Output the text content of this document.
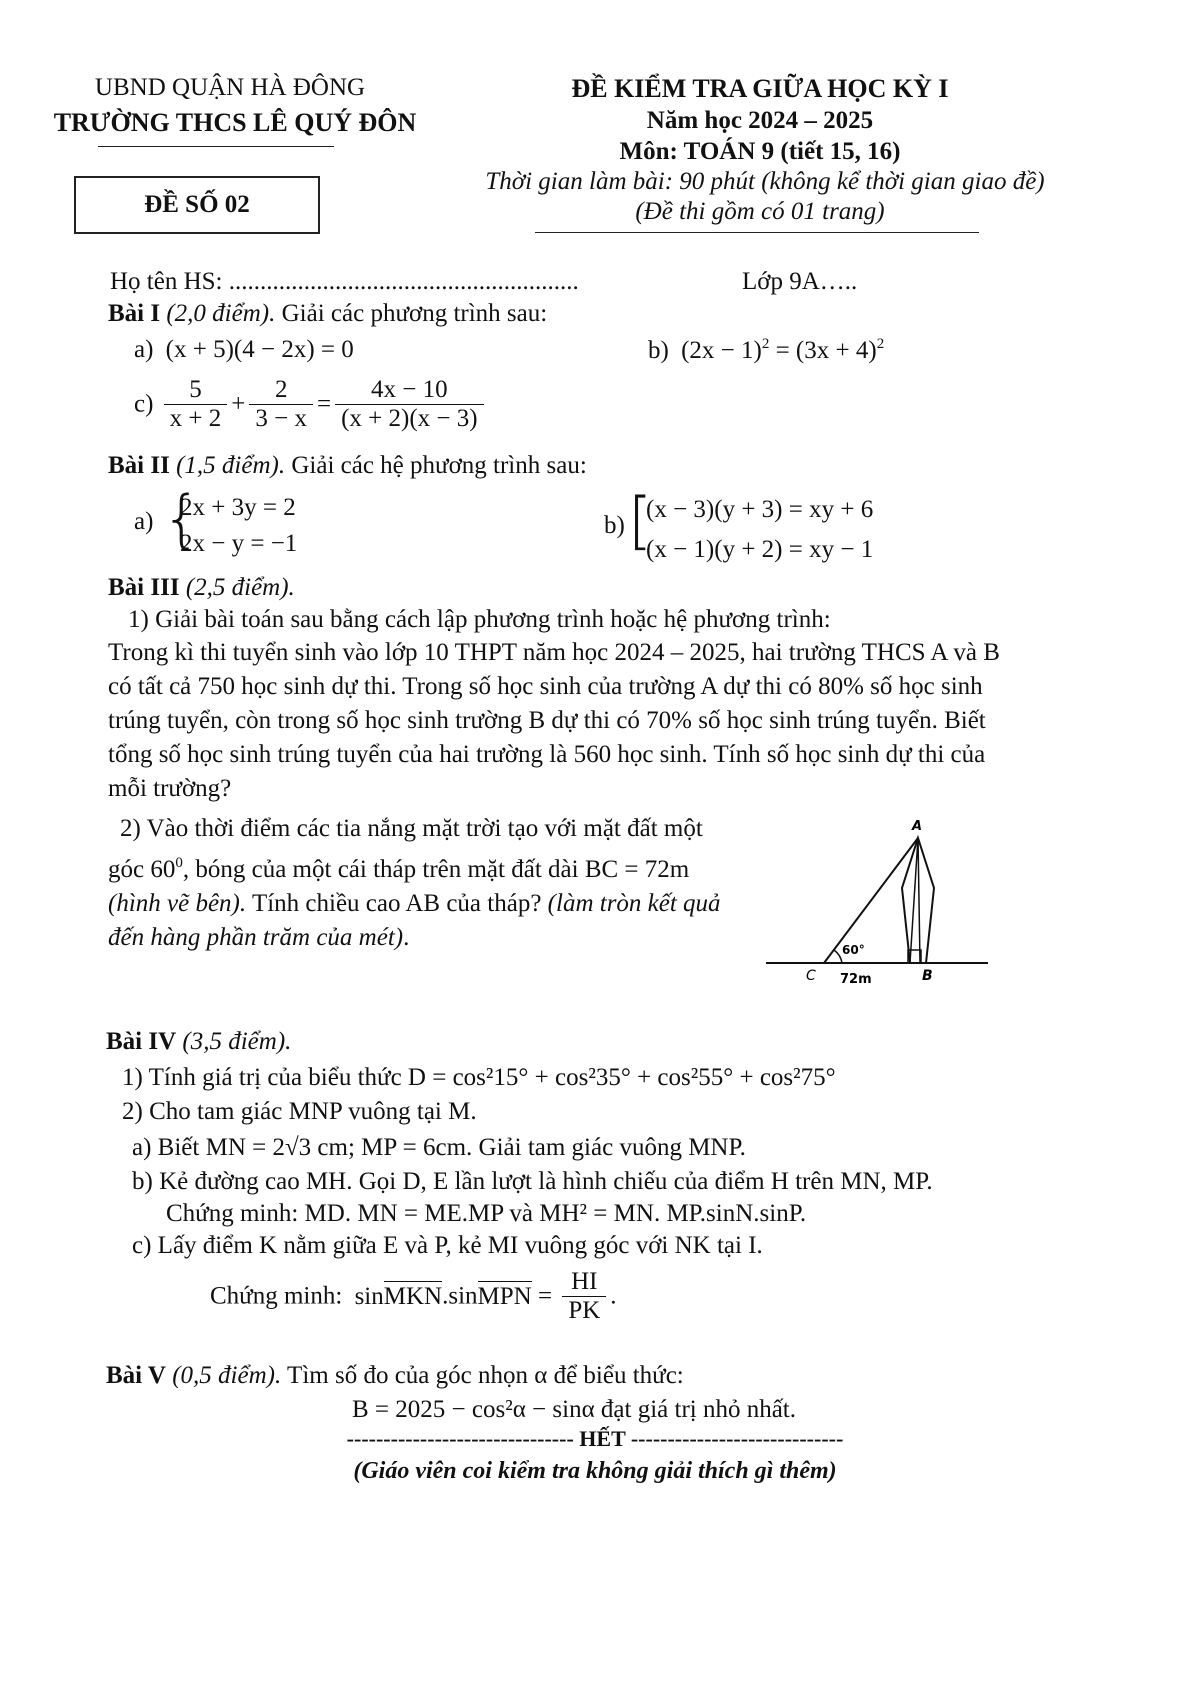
UBND QUẬN HÀ ĐÔNG
TRƯỜNG THCS LÊ QUÝ ĐÔN
ĐỀ SỐ 02
ĐỀ KIỂM TRA GIỮA HỌC KỲ I
Năm học 2024 – 2025
Môn: TOÁN 9 (tiết 15, 16)
Thời gian làm bài: 90 phút (không kể thời gian giao đề)
(Đề thi gồm có 01 trang)
Họ tên HS: ........................................................	Lớp 9A…..
Bài I (2,0 điểm). Giải các phương trình sau:
a) (x + 5)(4 − 2x) = 0	b) $(2x - 1)^2 = (3x + 4)^2$
$c) \frac{5}{x + 2} + \frac{2}{3 - x} = \frac{4x - 10}{(x + 2)(x - 3)}$
Bài II (1,5 điểm). Giải các hệ phương trình sau:
a) {
2x + 3y = 2
2x − y = −1
b) [
(x − 3)(y + 3) = xy + 6
(x − 1)(y + 2) = xy − 1
Bài III (2,5 điểm).
1) Giải bài toán sau bằng cách lập phương trình hoặc hệ phương trình:
Trong kì thi tuyển sinh vào lớp 10 THPT năm học 2024 – 2025, hai trường THCS A và B có tất cả 750 học sinh dự thi. Trong số học sinh của trường A dự thi có 80% số học sinh trúng tuyển, còn trong số học sinh trường B dự thi có 70% số học sinh trúng tuyển. Biết tổng số học sinh trúng tuyển của hai trường là 560 học sinh. Tính số học sinh dự thi của mỗi trường?
2) Vào thời điểm các tia nắng mặt trời tạo với mặt đất một góc $60^0$, bóng của một cái tháp trên mặt đất dài BC = 72m (hình vẽ bên). Tính chiều cao AB của tháp? (làm tròn kết quả đến hàng phần trăm của mét).
A
C	B
60°
72m
Bài IV (3,5 điểm).
1) Tính giá trị của biểu thức D = cos²15° + cos²35° + cos²55° + cos²75°
2) Cho tam giác MNP vuông tại M.
a) Biết MN = 2√3 cm; MP = 6cm. Giải tam giác vuông MNP.
b) Kẻ đường cao MH. Gọi D, E lần lượt là hình chiếu của điểm H trên MN, MP.
Chứng minh: MD. MN = ME.MP và MH² = MN. MP.sinN.sinP.
c) Lấy điểm K nằm giữa E và P, kẻ MI vuông góc với NK tại I.
Chứng minh: sinMKN.sinMPN = $\frac{HI}{PK}$ .
Bài V (0,5 điểm). Tìm số đo của góc nhọn α để biểu thức:
B = 2025 − cos²α − sinα đạt giá trị nhỏ nhất.
------------------------------- HẾT -----------------------------
(Giáo viên coi kiểm tra không giải thích gì thêm)
